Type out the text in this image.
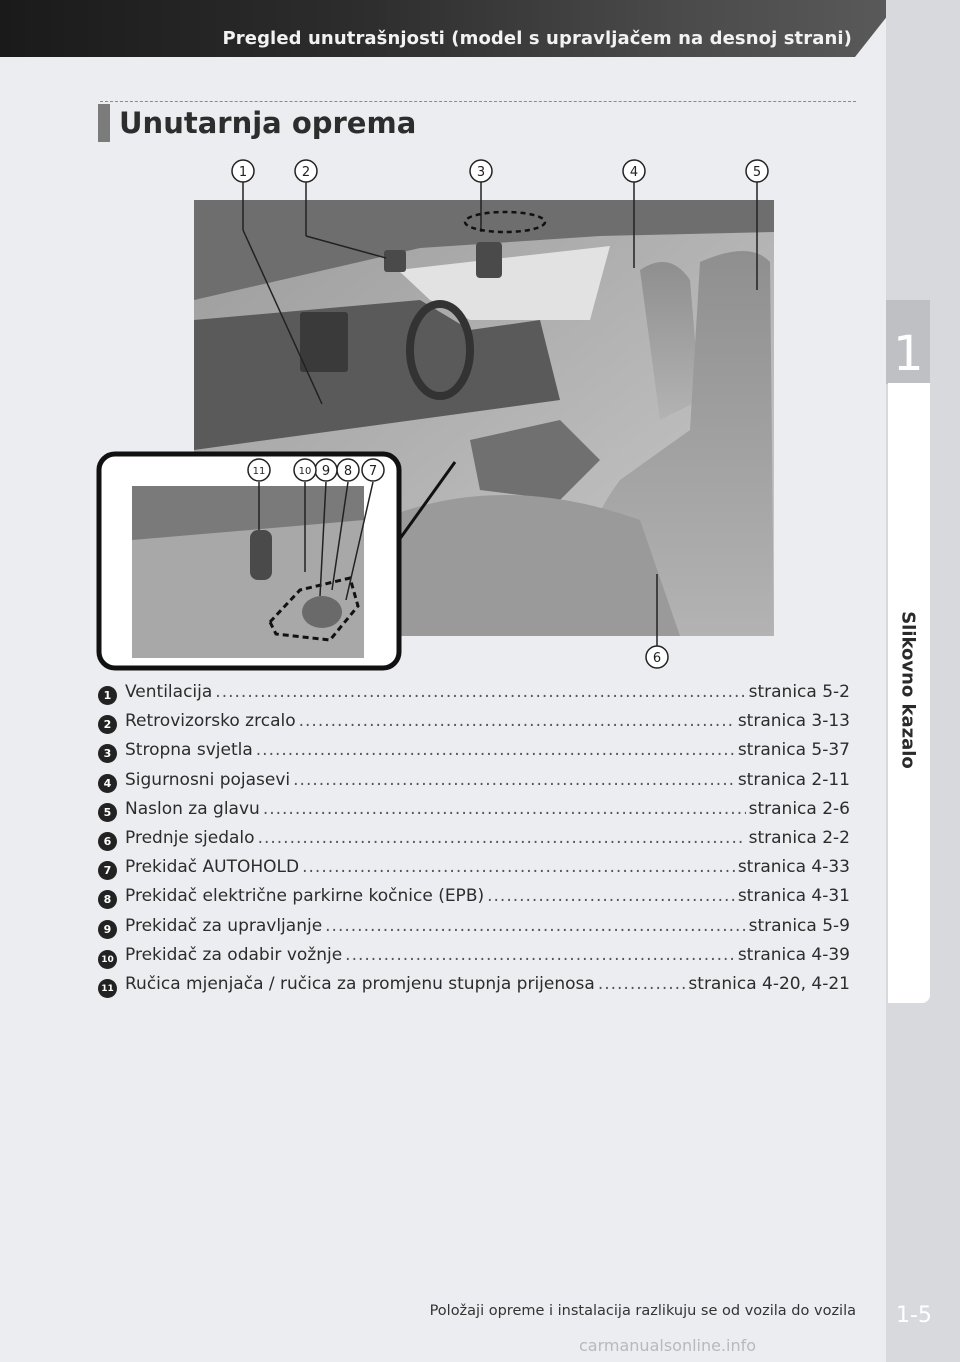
Pregled unutrašnjosti (model s upravljačem na desnoj strani)
1
Slikovno kazalo
Unutarnja oprema
1	2	3	4	5
6
7
8
9
10
11
1 Ventilacija .....	stranica 5-2
2 Retrovizorsko zrcalo .....	stranica 3-13
3 Stropna svjetla .....	stranica 5-37
4 Sigurnosni pojasevi .....	stranica 2-11
5 Naslon za glavu .....	stranica 2-6
6 Prednje sjedalo .....	stranica 2-2
7 Prekidač AUTOHOLD .....	stranica 4-33
8 Prekidač električne parkirne kočnice (EPB) .....	stranica 4-31
9 Prekidač za upravljanje .....	stranica 5-9
10 Prekidač za odabir vožnje .....	stranica 4-39
11 Ručica mjenjača / ručica za promjenu stupnja prijenosa .....	stranica 4-20, 4-21
Položaji opreme i instalacija razlikuju se od vozila do vozila 1-5
carmanualsonline.info
